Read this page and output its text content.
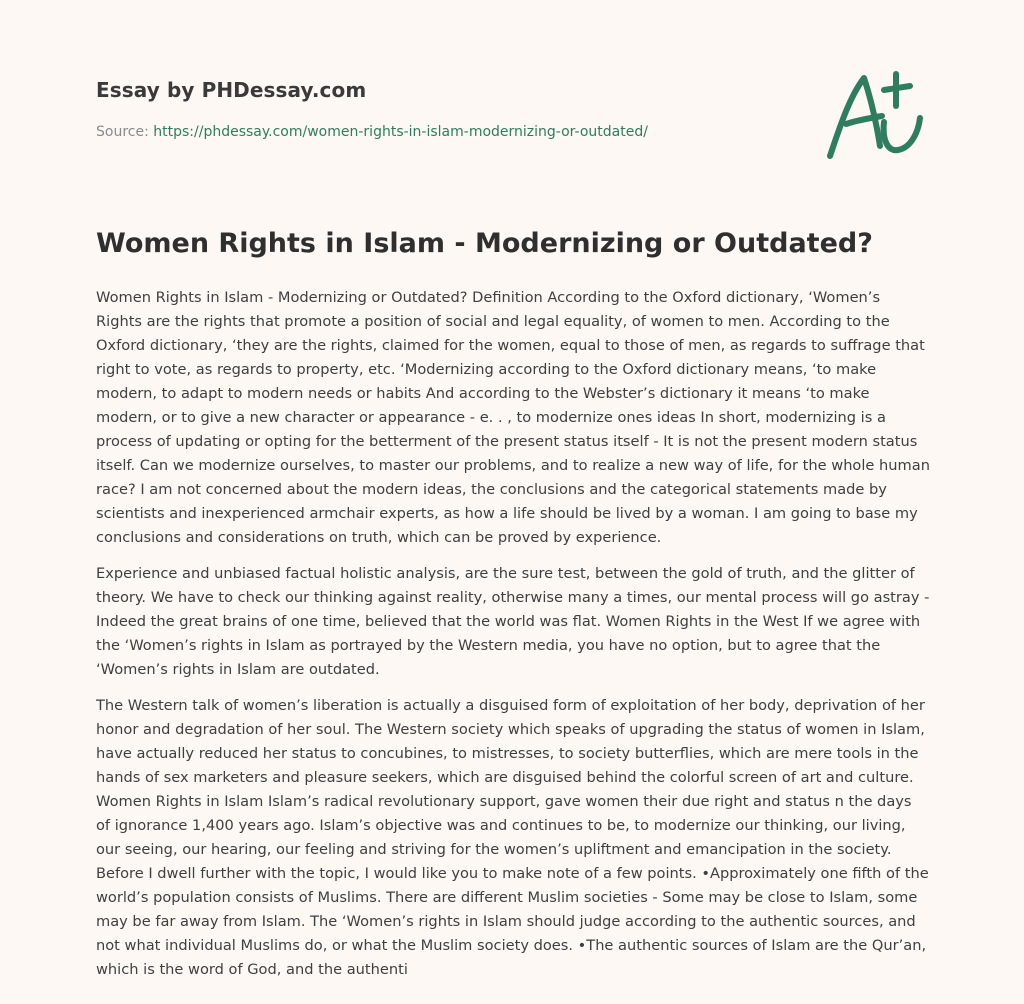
Essay by PHDessay.com
Source: https://phdessay.com/women-rights-in-islam-modernizing-or-outdated/
Women Rights in Islam - Modernizing or Outdated?

Women Rights in Islam - Modernizing or Outdated? Definition According to the Oxford dictionary, ‘Women’s Rights are the rights that promote a position of social and legal equality, of women to men. According to the Oxford dictionary, ‘they are the rights, claimed for the women, equal to those of men, as regards to suffrage that right to vote, as regards to property, etc. ‘Modernizing according to the Oxford dictionary means, ‘to make modern, to adapt to modern needs or habits And according to the Webster’s dictionary it means ‘to make modern, or to give a new character or appearance - e. . , to modernize ones ideas In short, modernizing is a process of updating or opting for the betterment of the present status itself - It is not the present modern status itself. Can we modernize ourselves, to master our problems, and to realize a new way of life, for the whole human race? I am not concerned about the modern ideas, the conclusions and the categorical statements made by scientists and inexperienced armchair experts, as how a life should be lived by a woman. I am going to base my conclusions and considerations on truth, which can be proved by experience.

Experience and unbiased factual holistic analysis, are the sure test, between the gold of truth, and the glitter of theory. We have to check our thinking against reality, otherwise many a times, our mental process will go astray - Indeed the great brains of one time, believed that the world was flat. Women Rights in the West If we agree with the ‘Women’s rights in Islam as portrayed by the Western media, you have no option, but to agree that the ‘Women’s rights in Islam are outdated.

The Western talk of women’s liberation is actually a disguised form of exploitation of her body, deprivation of her honor and degradation of her soul. The Western society which speaks of upgrading the status of women in Islam, have actually reduced her status to concubines, to mistresses, to society butterflies, which are mere tools in the hands of sex marketers and pleasure seekers, which are disguised behind the colorful screen of art and culture. Women Rights in Islam Islam’s radical revolutionary support, gave women their due right and status n the days of ignorance 1,400 years ago. Islam’s objective was and continues to be, to modernize our thinking, our living, our seeing, our hearing, our feeling and striving for the women’s upliftment and emancipation in the society. Before I dwell further with the topic, I would like you to make note of a few points. •Approximately one fifth of the world’s population consists of Muslims. There are different Muslim societies - Some may be close to Islam, some may be far away from Islam. The ‘Women’s rights in Islam should judge according to the authentic sources, and not what individual Muslims do, or what the Muslim society does. •The authentic sources of Islam are the Qur’an, which is the word of God, and the authenti
